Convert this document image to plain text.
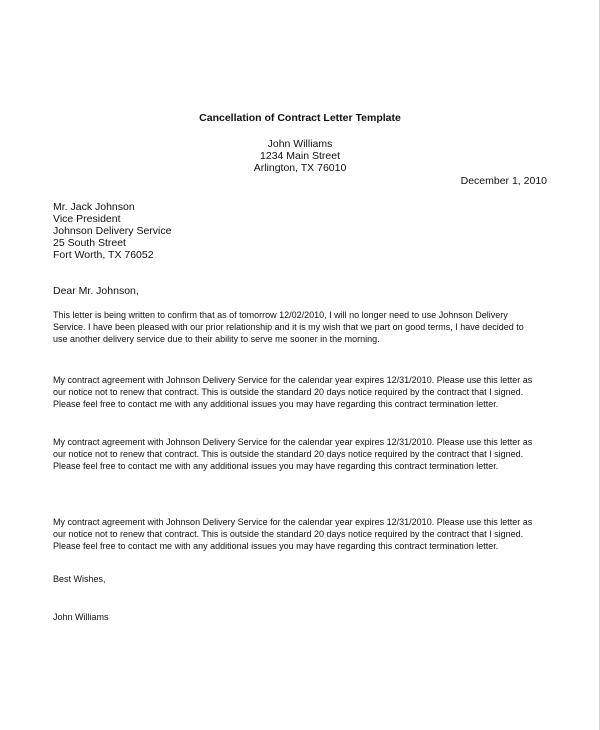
Cancellation of Contract Letter Template
John Williams
1234 Main Street
Arlington, TX 76010
December 1, 2010
Mr. Jack Johnson
Vice President
Johnson Delivery Service
25 South Street
Fort Worth, TX 76052
Dear Mr. Johnson,
This letter is being written to confirm that as of tomorrow 12/02/2010, I will no longer need to use Johnson Delivery
Service. I have been pleased with our prior relationship and it is my wish that we part on good terms, I have decided to
use another delivery service due to their ability to serve me sooner in the morning.
My contract agreement with Johnson Delivery Service for the calendar year expires 12/31/2010. Please use this letter as
our notice not to renew that contract. This is outside the standard 20 days notice required by the contract that I signed.
Please feel free to contact me with any additional issues you may have regarding this contract termination letter.
My contract agreement with Johnson Delivery Service for the calendar year expires 12/31/2010. Please use this letter as
our notice not to renew that contract. This is outside the standard 20 days notice required by the contract that I signed.
Please feel free to contact me with any additional issues you may have regarding this contract termination letter.
My contract agreement with Johnson Delivery Service for the calendar year expires 12/31/2010. Please use this letter as
our notice not to renew that contract. This is outside the standard 20 days notice required by the contract that I signed.
Please feel free to contact me with any additional issues you may have regarding this contract termination letter.
Best Wishes,
John Williams
